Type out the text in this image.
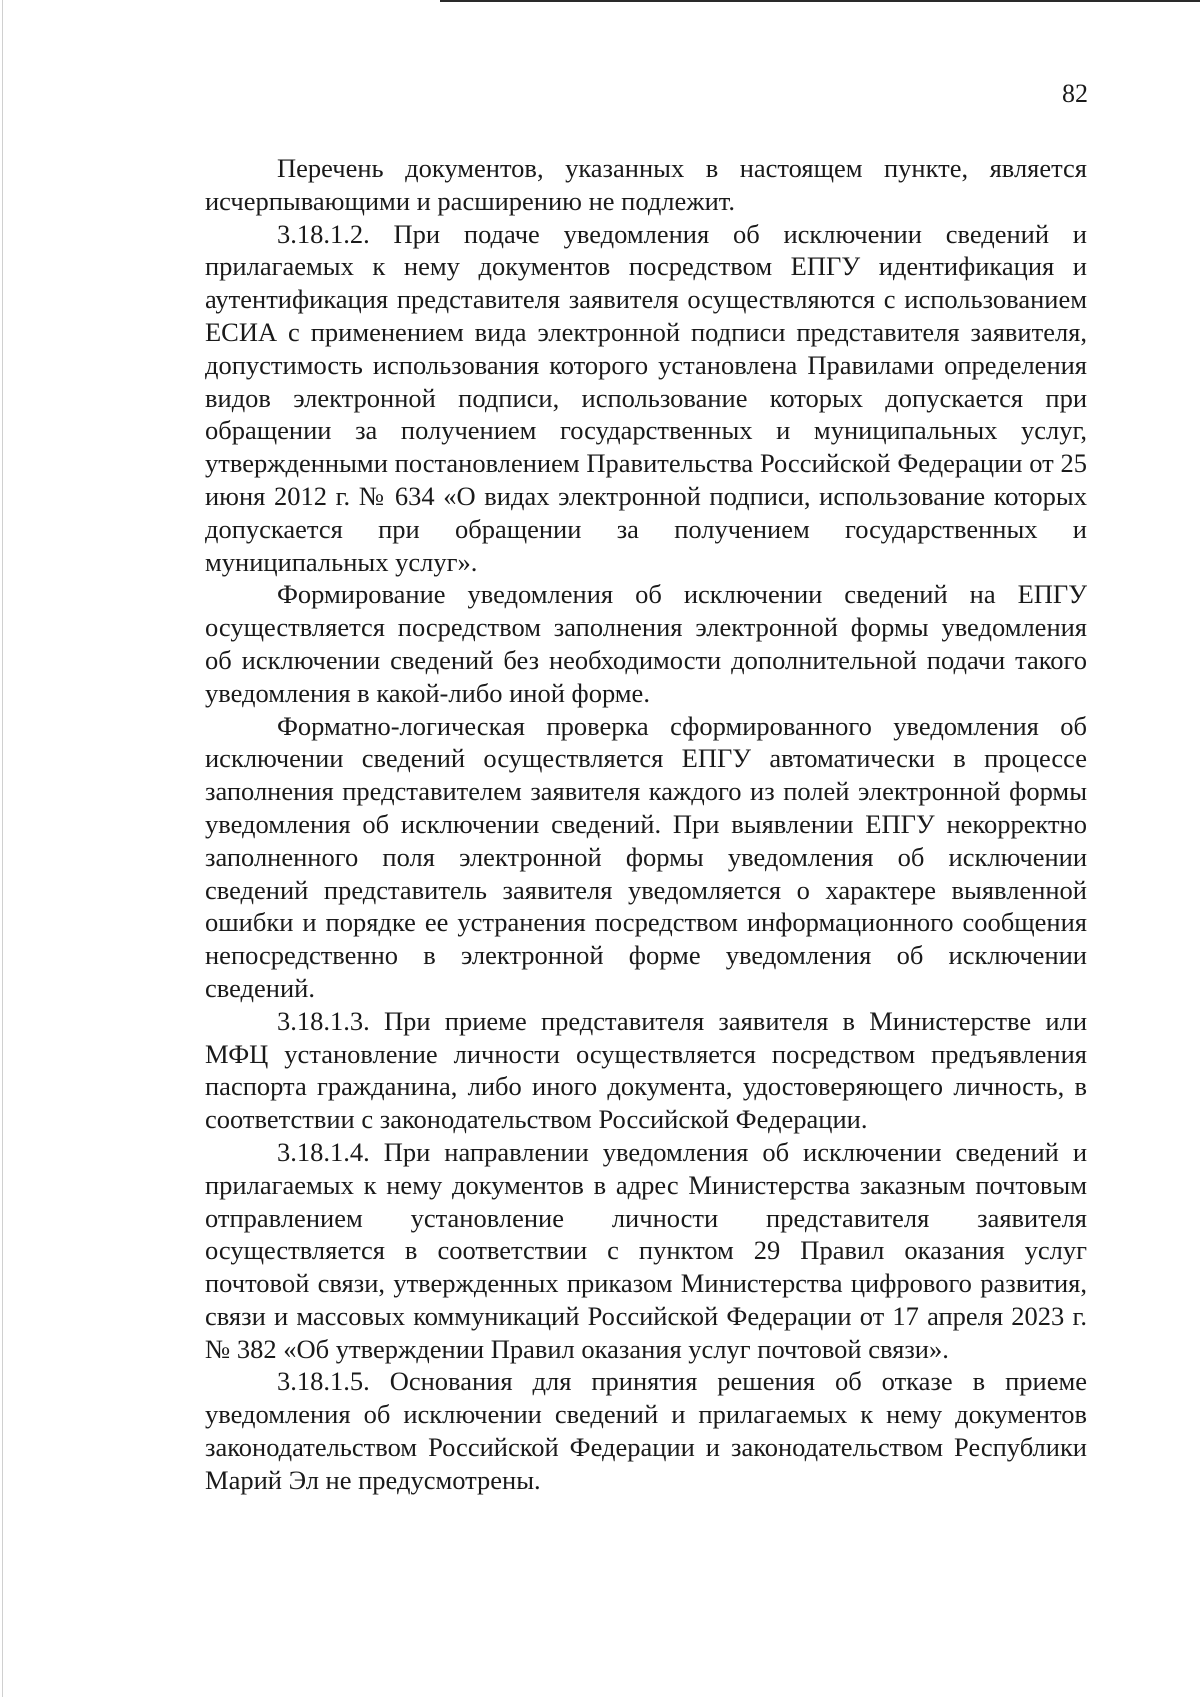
82

Перечень документов, указанных в настоящем пункте, является исчерпывающими и расширению не подлежит.

3.18.1.2. При подаче уведомления об исключении сведений и прилагаемых к нему документов посредством ЕПГУ идентификация и аутентификация представителя заявителя осуществляются с использованием ЕСИА с применением вида электронной подписи представителя заявителя, допустимость использования которого установлена Правилами определения видов электронной подписи, использование которых допускается при обращении за получением государственных и муниципальных услуг, утвержденными постановлением Правительства Российской Федерации от 25 июня 2012 г. № 634 «О видах электронной подписи, использование которых допускается при обращении за получением государственных и муниципальных услуг».

Формирование уведомления об исключении сведений на ЕПГУ осуществляется посредством заполнения электронной формы уведомления об исключении сведений без необходимости дополнительной подачи такого уведомления в какой-либо иной форме.

Форматно-логическая проверка сформированного уведомления об исключении сведений осуществляется ЕПГУ автоматически в процессе заполнения представителем заявителя каждого из полей электронной формы уведомления об исключении сведений. При выявлении ЕПГУ некорректно заполненного поля электронной формы уведомления об исключении сведений представитель заявителя уведомляется о характере выявленной ошибки и порядке ее устранения посредством информационного сообщения непосредственно в электронной форме уведомления об исключении сведений.

3.18.1.3. При приеме представителя заявителя в Министерстве или МФЦ установление личности осуществляется посредством предъявления паспорта гражданина, либо иного документа, удостоверяющего личность, в соответствии с законодательством Российской Федерации.

3.18.1.4. При направлении уведомления об исключении сведений и прилагаемых к нему документов в адрес Министерства заказным почтовым отправлением установление личности представителя заявителя осуществляется в соответствии с пунктом 29 Правил оказания услуг почтовой связи, утвержденных приказом Министерства цифрового развития, связи и массовых коммуникаций Российской Федерации от 17 апреля 2023 г. № 382 «Об утверждении Правил оказания услуг почтовой связи».

3.18.1.5. Основания для принятия решения об отказе в приеме уведомления об исключении сведений и прилагаемых к нему документов законодательством Российской Федерации и законодательством Республики Марий Эл не предусмотрены.
